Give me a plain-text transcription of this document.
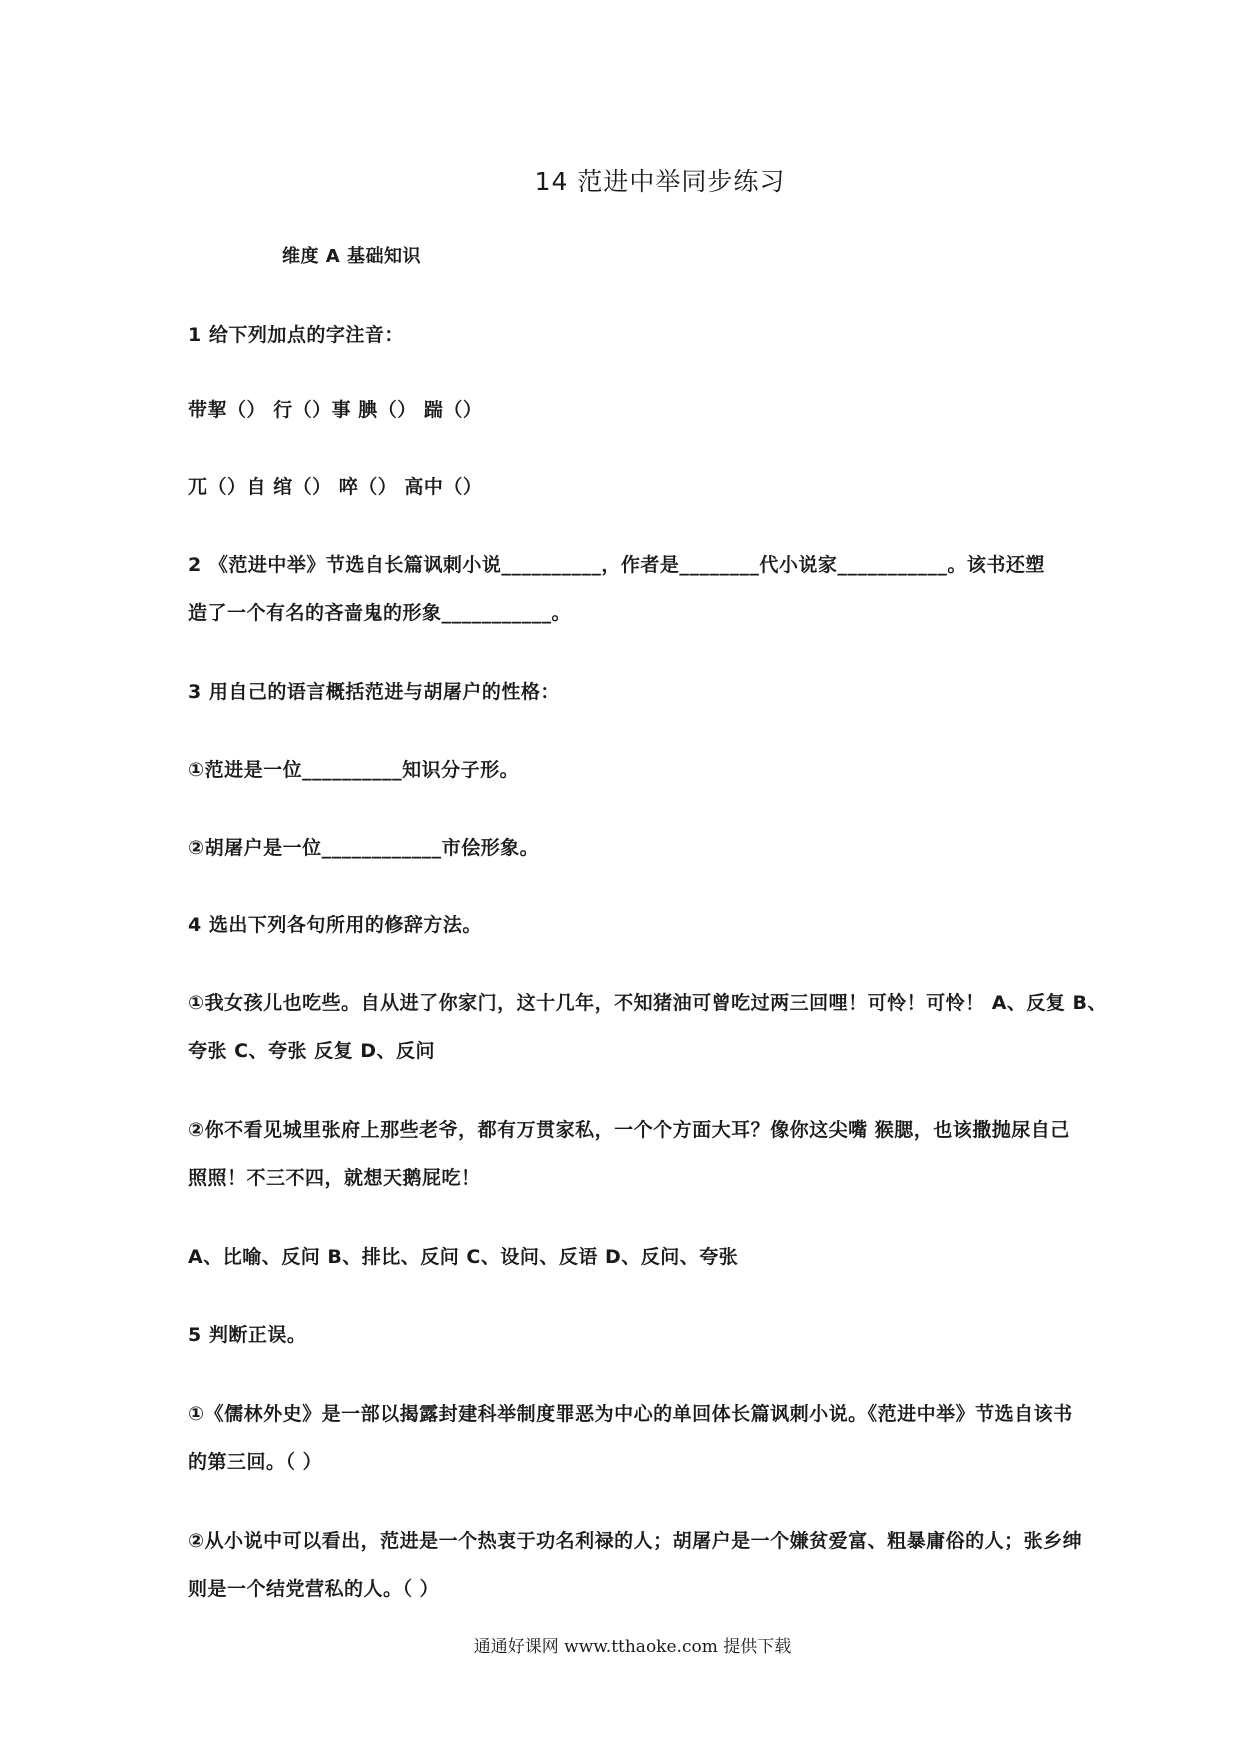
14 范进中举同步练习
维度 A 基础知识
1 给下列加点的字注音：
带挈（） 行（）事 腆（） 踹（）
兀（）自 绾（） 啐（） 高中（）
2 《范进中举》节选自长篇讽刺小说__________，作者是________代小说家___________。该书还塑
造了一个有名的吝啬鬼的形象___________。
3 用自己的语言概括范进与胡屠户的性格：
①范进是一位__________知识分子形。
②胡屠户是一位____________市侩形象。
4 选出下列各句所用的修辞方法。
①我女孩儿也吃些。自从进了你家门，这十几年，不知猪油可曾吃过两三回哩！可怜！可怜！ A、反复 B、
夸张 C、夸张 反复 D、反问
②你不看见城里张府上那些老爷，都有万贯家私，一个个方面大耳？像你这尖嘴 猴腮，也该撒抛尿自己
照照！不三不四，就想天鹅屁吃！
A、比喻、反问 B、排比、反问 C、设问、反语 D、反问、夸张
5 判断正误。
①《儒林外史》是一部以揭露封建科举制度罪恶为中心的单回体长篇讽刺小说。《范进中举》节选自该书
的第三回。（ ）
②从小说中可以看出，范进是一个热衷于功名利禄的人；胡屠户是一个嫌贫爱富、粗暴庸俗的人；张乡绅
则是一个结党营私的人。（ ）
通通好课网 www.tthaoke.com 提供下载
